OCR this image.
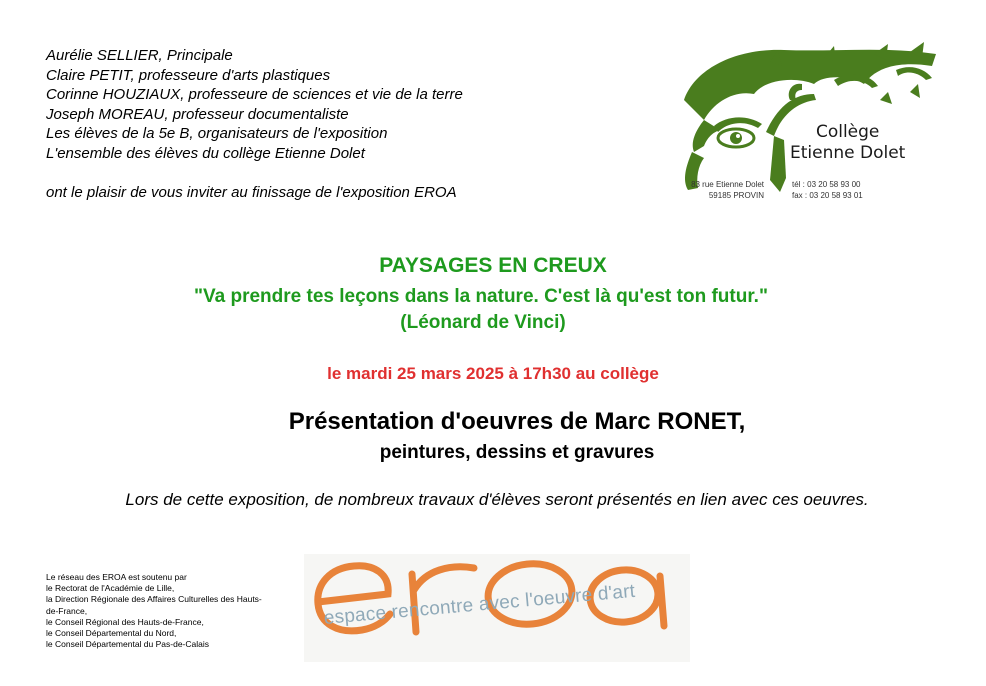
Aurélie SELLIER, Principale
Claire PETIT, professeure d'arts plastiques
Corinne HOUZIAUX, professeure de sciences et vie de la terre
Joseph MOREAU, professeur documentaliste
Les élèves de la 5e B, organisateurs de l'exposition
L'ensemble des élèves du collège Etienne Dolet
ont le plaisir de vous inviter au finissage de l'exposition EROA
Collège
Etienne Dolet
83 rue Etienne Dolet
59185 PROVIN
tél : 03 20 58 93 00
fax : 03 20 58 93 01
PAYSAGES EN CREUX
"Va prendre tes leçons dans la nature. C'est là qu'est ton futur."
(Léonard de Vinci)
le mardi 25 mars 2025 à 17h30 au collège
Présentation d'oeuvres de Marc RONET,
peintures, dessins et gravures
Lors de cette exposition, de nombreux travaux d'élèves seront présentés en lien avec ces oeuvres.
Le réseau des EROA est soutenu par
le Rectorat de l'Académie de Lille,
la Direction Régionale des Affaires Culturelles des Hauts-
de-France,
le Conseil Régional des Hauts-de-France,
le Conseil Départemental du Nord,
le Conseil Départemental du Pas-de-Calais
espace rencontre avec l'oeuvre d'art
